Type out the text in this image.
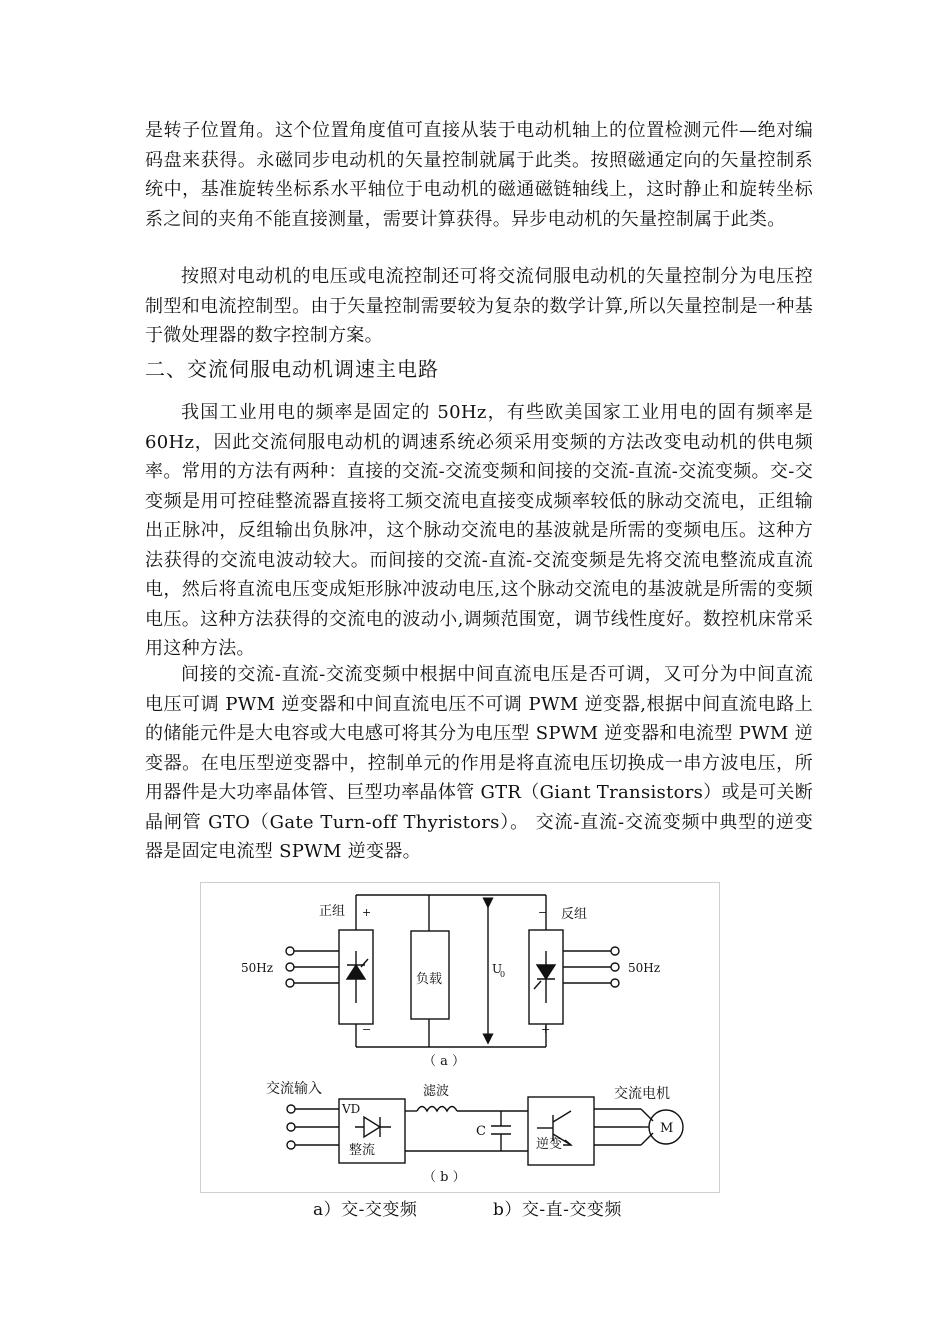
是转子位置角。这个位置角度值可直接从装于电动机轴上的位置检测元件—绝对编码盘来获得。永磁同步电动机的矢量控制就属于此类。按照磁通定向的矢量控制系统中，基准旋转坐标系水平轴位于电动机的磁通磁链轴线上，这时静止和旋转坐标系之间的夹角不能直接测量，需要计算获得。异步电动机的矢量控制属于此类。
按照对电动机的电压或电流控制还可将交流伺服电动机的矢量控制分为电压控制型和电流控制型。由于矢量控制需要较为复杂的数学计算,所以矢量控制是一种基于微处理器的数字控制方案。
二、交流伺服电动机调速主电路
我国工业用电的频率是固定的 50Hz，有些欧美国家工业用电的固有频率是 60Hz，因此交流伺服电动机的调速系统必须采用变频的方法改变电动机的供电频率。常用的方法有两种：直接的交流-交流变频和间接的交流-直流-交流变频。交-交变频是用可控硅整流器直接将工频交流电直接变成频率较低的脉动交流电，正组输出正脉冲，反组输出负脉冲，这个脉动交流电的基波就是所需的变频电压。这种方法获得的交流电波动较大。而间接的交流-直流-交流变频是先将交流电整流成直流电，然后将直流电压变成矩形脉冲波动电压,这个脉动交流电的基波就是所需的变频电压。这种方法获得的交流电的波动小,调频范围宽，调节线性度好。数控机床常采用这种方法。
间接的交流-直流-交流变频中根据中间直流电压是否可调，又可分为中间直流电压可调 PWM 逆变器和中间直流电压不可调 PWM 逆变器,根据中间直流电路上的储能元件是大电容或大电感可将其分为电压型 SPWM 逆变器和电流型 PWM 逆变器。在电压型逆变器中，控制单元的作用是将直流电压切换成一串方波电压，所用器件是大功率晶体管、巨型功率晶体管 GTR（Giant Transistors）或是可关断晶闸管 GTO（Gate Turn-off Thyristors）。 交流-直流-交流变频中典型的逆变器是固定电流型 SPWM 逆变器。
正组 +
−
反组
−
+
负载
U
0
50Hz	50Hz
（ a ）
交流输入
VD
整流
滤波
C
逆变
交流电机
M
（ b ）
a）交-交变频	b）交-直-交变频
